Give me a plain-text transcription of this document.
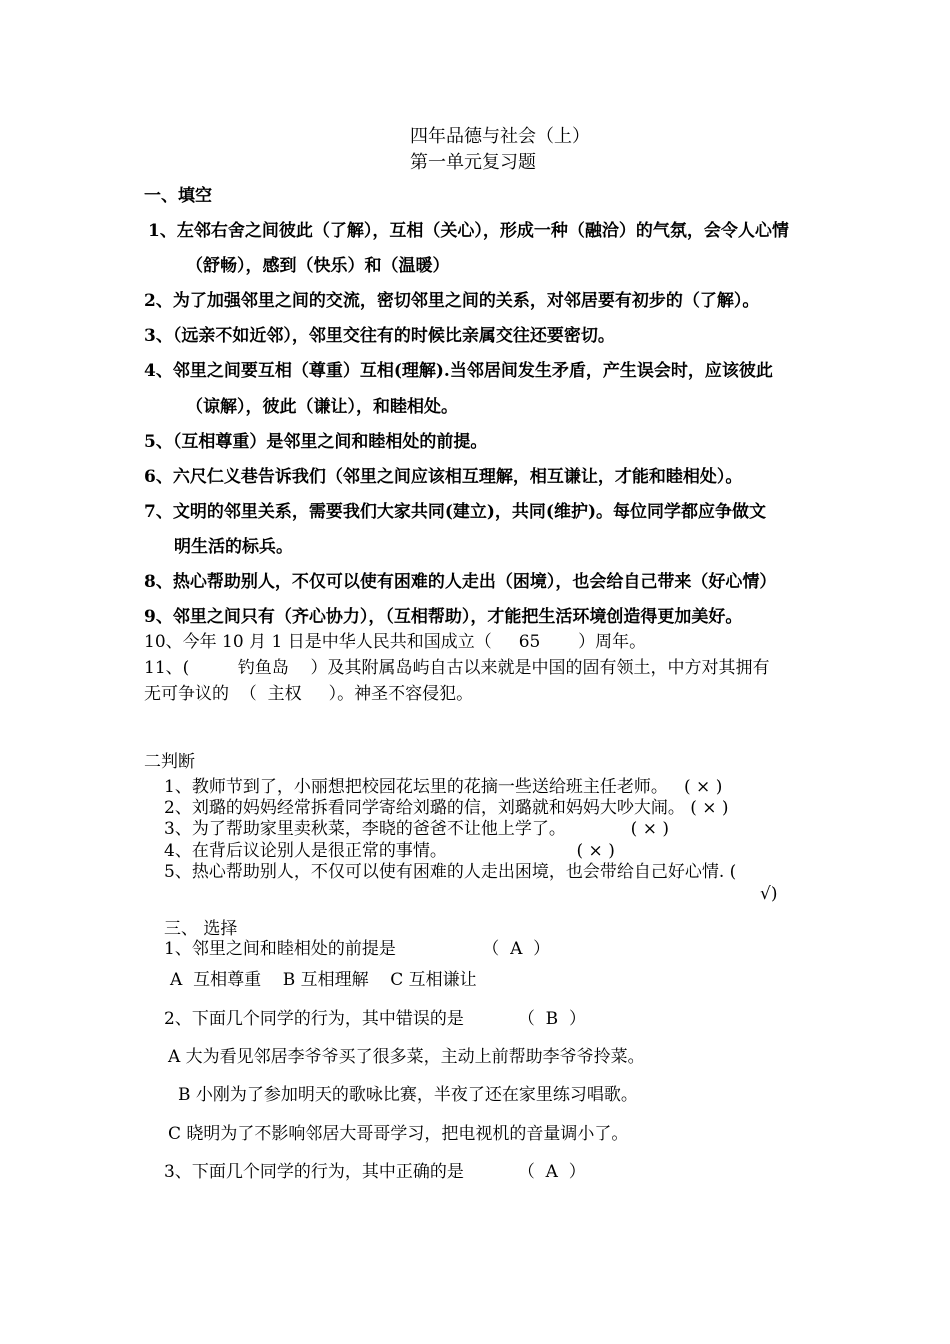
四年品德与社会（上）
第一单元复习题
一、填空
1、左邻右舍之间彼此（了解），互相（关心），形成一种（融洽）的气氛，会令人心情
（舒畅），感到（快乐）和（温暖）
2、为了加强邻里之间的交流，密切邻里之间的关系，对邻居要有初步的（了解）。
3、（远亲不如近邻），邻里交往有的时候比亲属交往还要密切。
4、邻里之间要互相（尊重）互相(理解).当邻居间发生矛盾，产生误会时，应该彼此
（谅解），彼此（谦让），和睦相处。
5、（互相尊重）是邻里之间和睦相处的前提。
6、六尺仁义巷告诉我们（邻里之间应该相互理解，相互谦让，才能和睦相处）。
7、文明的邻里关系，需要我们大家共同(建立)，共同(维护)。每位同学都应争做文
明生活的标兵。
8、热心帮助别人，不仅可以使有困难的人走出（困境），也会给自己带来（好心情）
9、邻里之间只有（齐心协力），（互相帮助），才能把生活环境创造得更加美好。
10、今年 10 月 1 日是中华人民共和国成立（     65       ）周年。
11、(         钓鱼岛    ）及其附属岛屿自古以来就是中国的固有领土，中方对其拥有
无可争议的  （  主权     ）。神圣不容侵犯。
二判断
1、教师节到了，小丽想把校园花坛里的花摘一些送给班主任老师。   ( × )
2、刘璐的妈妈经常拆看同学寄给刘璐的信，刘璐就和妈妈大吵大闹。 ( × )
3、为了帮助家里卖秋菜，李晓的爸爸不让他上学了。            ( × )
4、在背后议论别人是很正常的事情。                        ( × )
5、热心帮助别人，不仅可以使有困难的人走出困境，也会带给自己好心情. (
√)
三、 选择
1、邻里之间和睦相处的前提是                （  A  ）
A  互相尊重    B 互相理解    C 互相谦让
2、下面几个同学的行为，其中错误的是          （  B  ）
A 大为看见邻居李爷爷买了很多菜，主动上前帮助李爷爷拎菜。
B 小刚为了参加明天的歌咏比赛，半夜了还在家里练习唱歌。
C 晓明为了不影响邻居大哥哥学习，把电视机的音量调小了。
3、下面几个同学的行为，其中正确的是          （  A  ）
